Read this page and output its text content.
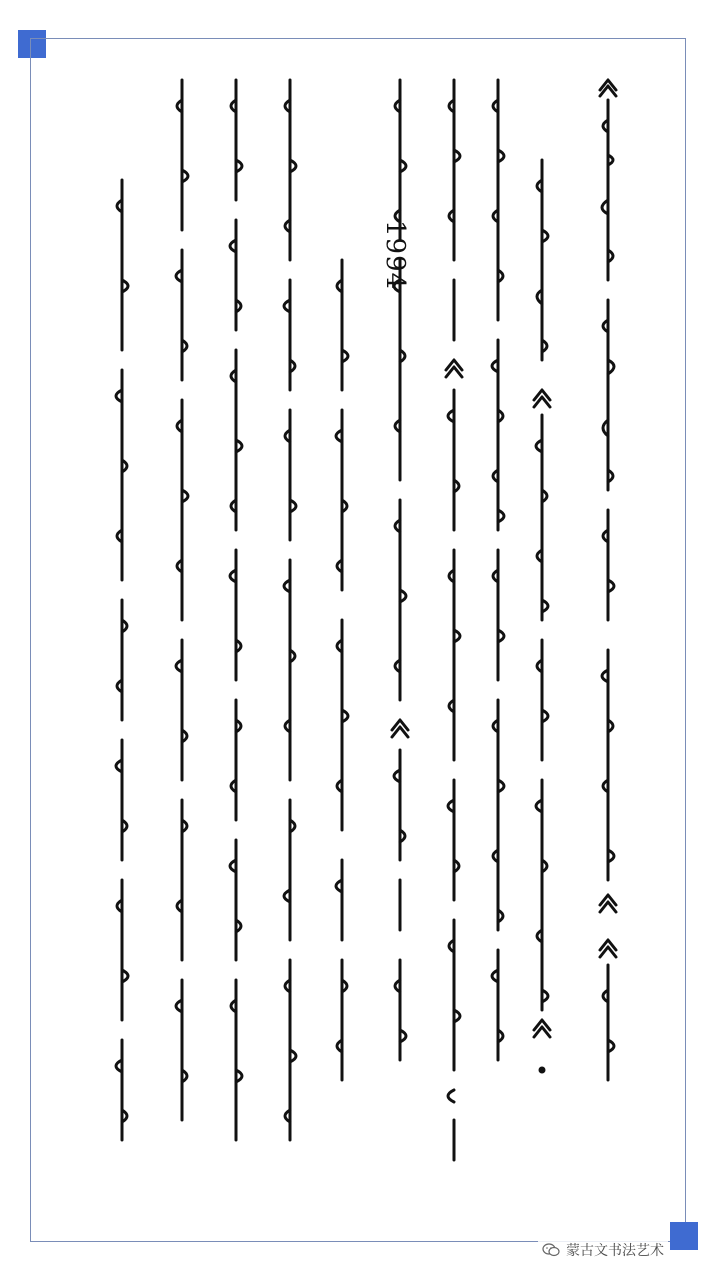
1994
蒙古文书法艺术
